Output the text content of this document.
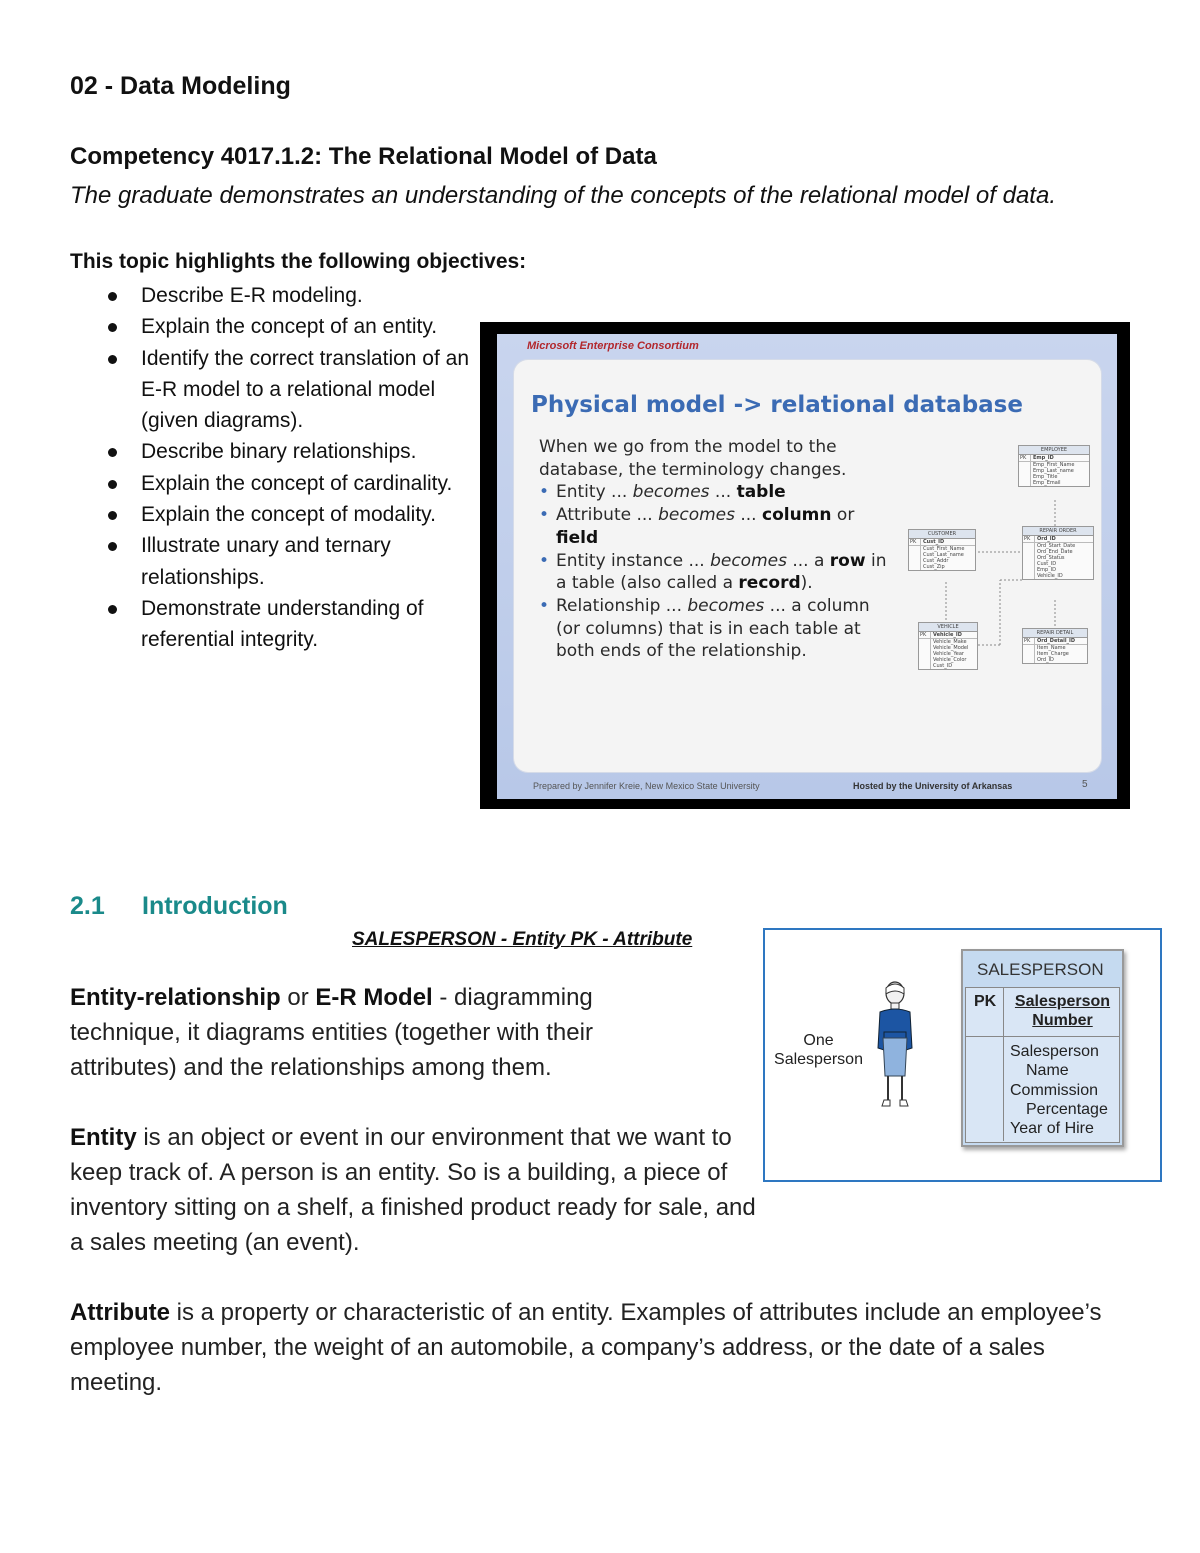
02 - Data Modeling
Competency 4017.1.2: The Relational Model of Data
The graduate demonstrates an understanding of the concepts of the relational model of data.
This topic highlights the following objectives:
Describe E-R modeling.
Explain the concept of an entity.
Identify the correct translation of an E-R model to a relational model (given diagrams).
Describe binary relationships.
Explain the concept of cardinality.
Explain the concept of modality.
Illustrate unary and ternary relationships.
Demonstrate understanding of referential integrity.
Microsoft Enterprise Consortium
Physical model -> relational database
When we go from the model to the database, the terminology changes.
• Entity ... becomes ... table
• Attribute ... becomes ... column or field
• Entity instance ... becomes ... a row in a table (also called a record).
• Relationship ... becomes ... a column (or columns) that is in each table at both ends of the relationship.
EMPLOYEE
PK	Emp_ID
Emp_First_Name
Emp_Last_name
Emp_Title
Emp_Email
CUSTOMER
PK	Cust_ID
Cust_First_Name
Cust_Last_name
Cust_Addr
Cust_Zip
REPAIR ORDER
PK	Ord_ID
Ord_Start_Date
Ord_End_Date
Ord_Status
Cust_ID
Emp_ID
Vehicle_ID
VEHICLE
PK	Vehicle_ID
Vehicle_Make
Vehicle_Model
Vehicle_Year
Vehicle_Color
Cust_ID
REPAIR DETAIL
PK	Ord_Detail_ID
Item_Name
Item_Charge
Ord_ID
Prepared by Jennifer Kreie, New Mexico State University	Hosted by the University of Arkansas	5
2.1 Introduction
SALESPERSON - Entity PK - Attribute
Entity-relationship or E-R Model - diagramming technique, it diagrams entities (together with their attributes) and the relationships among them.
Entity is an object or event in our environment that we want to keep track of. A person is an entity. So is a building, a piece of inventory sitting on a shelf, a finished product ready for sale, and a sales meeting (an event).
Attribute is a property or characteristic of an entity. Examples of attributes include an employee’s employee number, the weight of an automobile, a company’s address, or the date of a sales meeting.
One Salesperson
SALESPERSON
PK	Salesperson Number
Salesperson
Name
Commission
Percentage
Year of Hire
